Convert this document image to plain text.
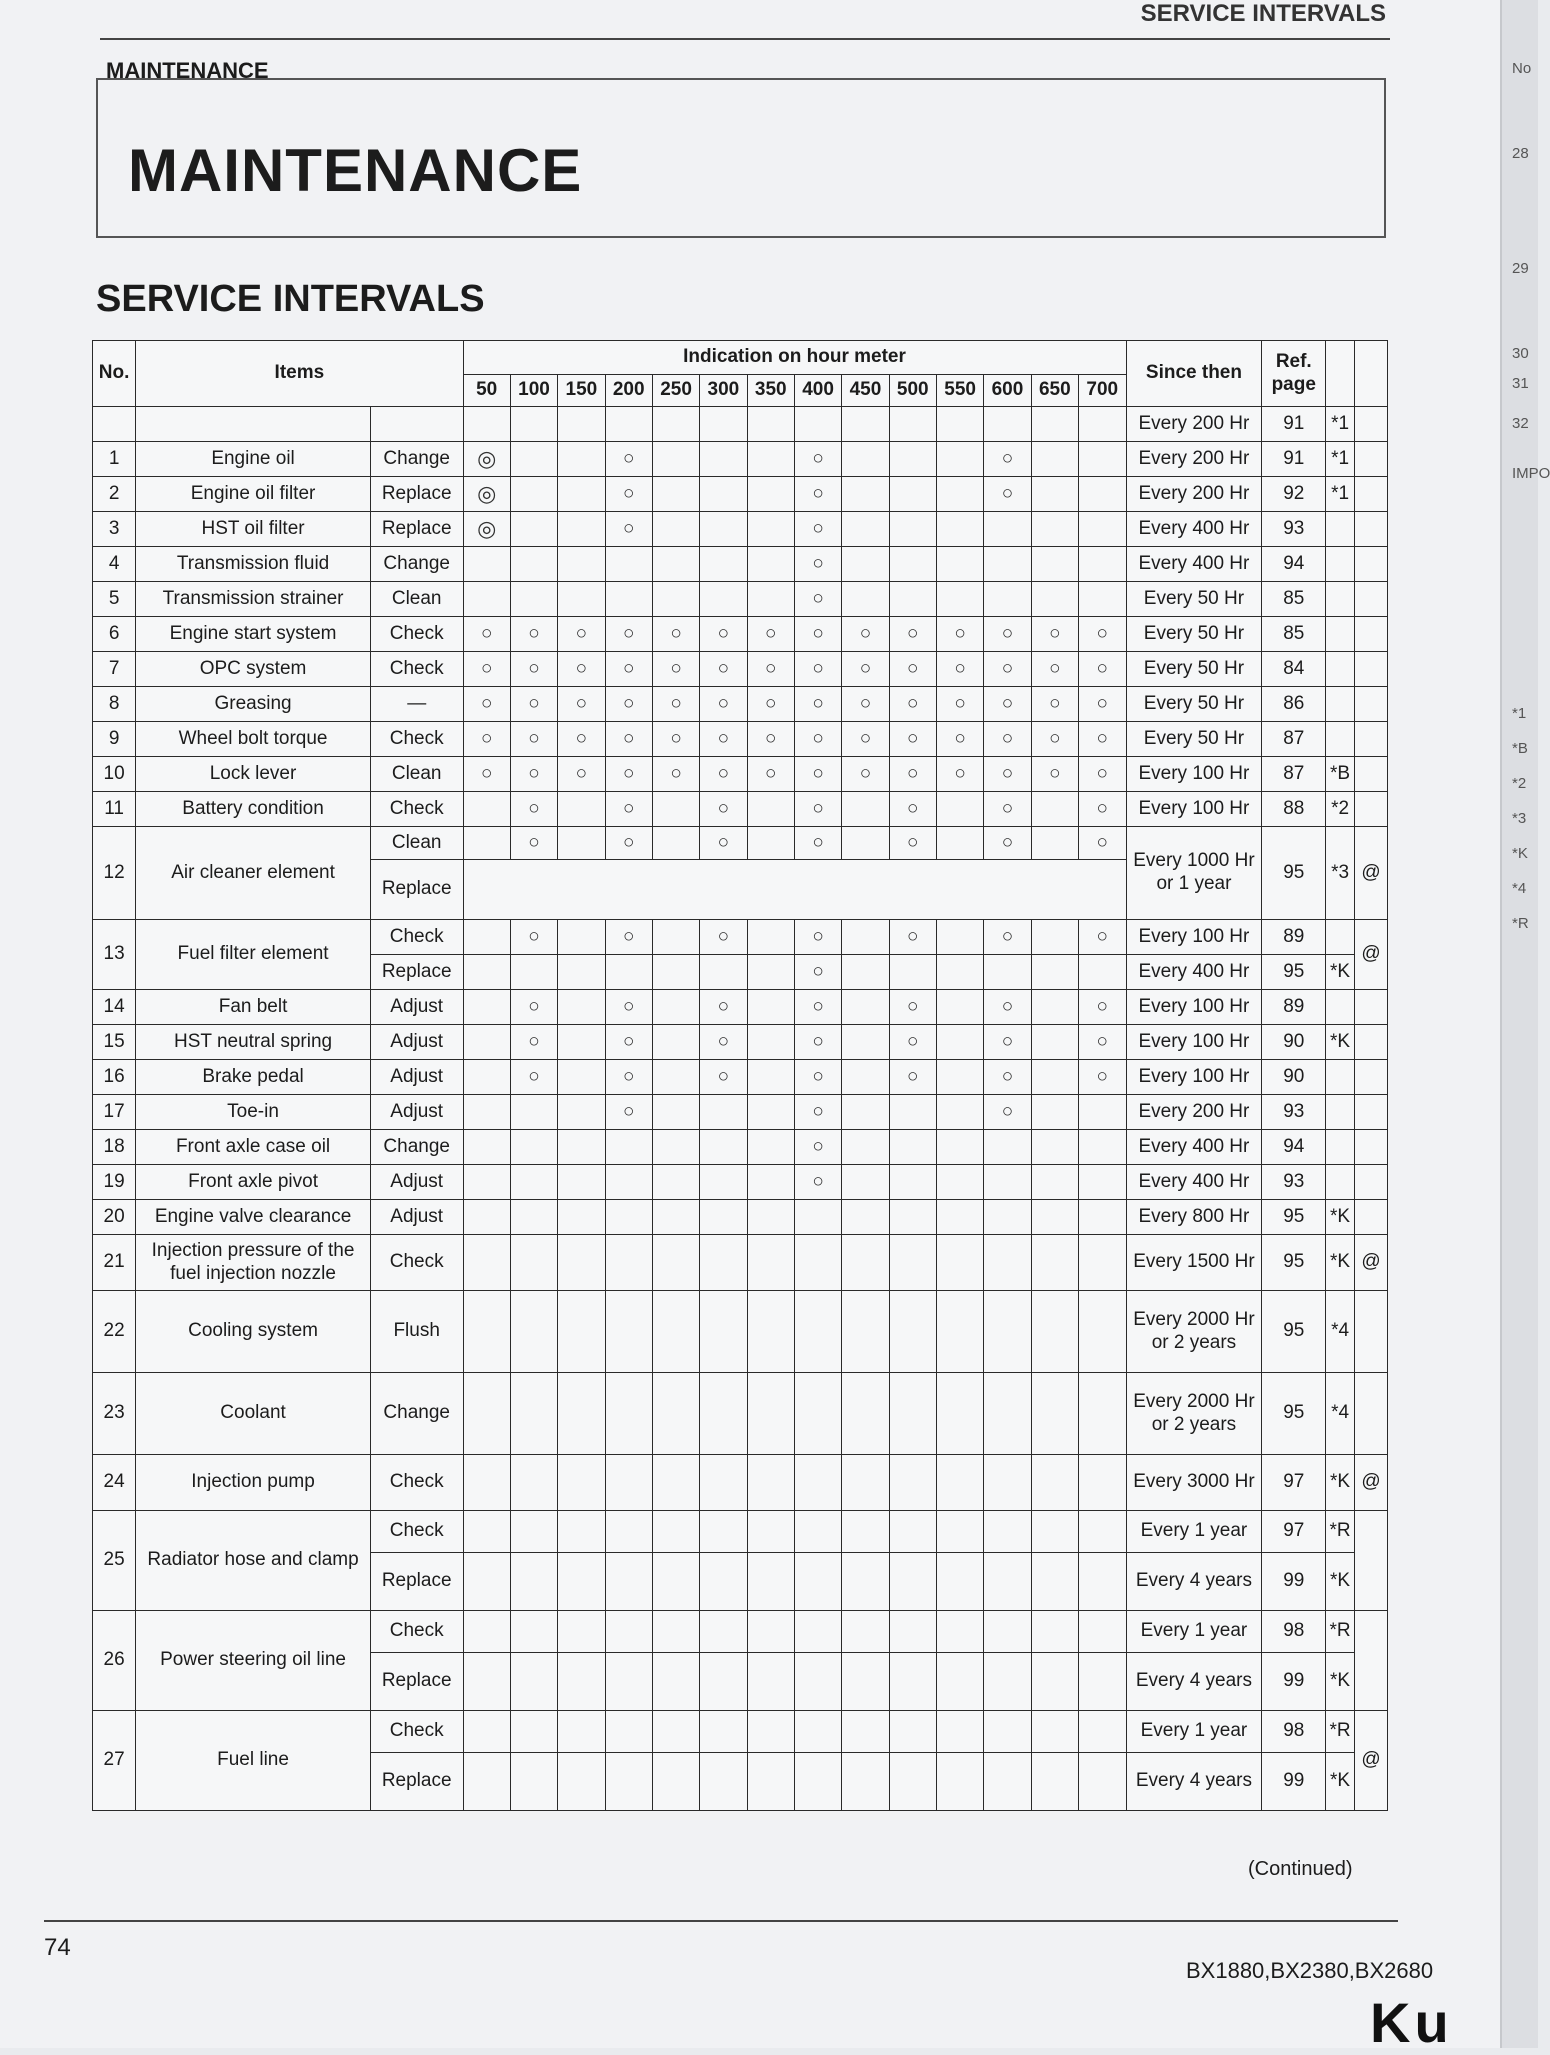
No
28
29
30
31
32
IMPO
*1
*B
*2
*3
*K
*4
*R
SERVICE INTERVALS
MAINTENANCE
MAINTENANCE
SERVICE INTERVALS
No.	Items		Indication on hour meter														Since then	Ref. page		
			50	100	150	200	250	300	350	400	450	500	550	600	650	700				
																	Every 200 Hr	91	*1	
1	Engine oil	Change	◎			○				○				○			Every 200 Hr	91	*1	
2	Engine oil filter	Replace	◎			○				○				○			Every 200 Hr	92	*1	
3	HST oil filter	Replace	◎			○				○							Every 400 Hr	93		
4	Transmission fluid	Change								○							Every 400 Hr	94		
5	Transmission strainer	Clean								○							Every 50 Hr	85		
6	Engine start system	Check	○	○	○	○	○	○	○	○	○	○	○	○	○	○	Every 50 Hr	85		
7	OPC system	Check	○	○	○	○	○	○	○	○	○	○	○	○	○	○	Every 50 Hr	84		
8	Greasing	—	○	○	○	○	○	○	○	○	○	○	○	○	○	○	Every 50 Hr	86		
9	Wheel bolt torque	Check	○	○	○	○	○	○	○	○	○	○	○	○	○	○	Every 50 Hr	87		
10	Lock lever	Clean	○	○	○	○	○	○	○	○	○	○	○	○	○	○	Every 100 Hr	87	*B	
11	Battery condition	Check		○		○		○		○		○		○		○	Every 100 Hr	88	*2	
12	Air cleaner element	Clean		○		○		○		○		○		○		○	Every 1000 Hr or 1 year	95	*3	@
		Replace																		
13	Fuel filter element	Check		○		○		○		○		○		○		○	Every 100 Hr	89		@
		Replace								○							Every 400 Hr	95	*K	
14	Fan belt	Adjust		○		○		○		○		○		○		○	Every 100 Hr	89		
15	HST neutral spring	Adjust		○		○		○		○		○		○		○	Every 100 Hr	90	*K	
16	Brake pedal	Adjust		○		○		○		○		○		○		○	Every 100 Hr	90		
17	Toe-in	Adjust				○				○				○			Every 200 Hr	93		
18	Front axle case oil	Change								○							Every 400 Hr	94		
19	Front axle pivot	Adjust								○							Every 400 Hr	93		
20	Engine valve clearance	Adjust															Every 800 Hr	95	*K	
21	Injection pressure of the fuel injection nozzle	Check															Every 1500 Hr	95	*K	@
22	Cooling system	Flush															Every 2000 Hr or 2 years	95	*4	
23	Coolant	Change															Every 2000 Hr or 2 years	95	*4	
24	Injection pump	Check															Every 3000 Hr	97	*K	@
25	Radiator hose and clamp	Check															Every 1 year	97	*R	
		Replace															Every 4 years	99	*K	
26	Power steering oil line	Check															Every 1 year	98	*R	
		Replace															Every 4 years	99	*K	
27	Fuel line	Check															Every 1 year	98	*R	@
		Replace															Every 4 years	99	*K	
(Continued)
74
BX1880,BX2380,BX2680
Ku
